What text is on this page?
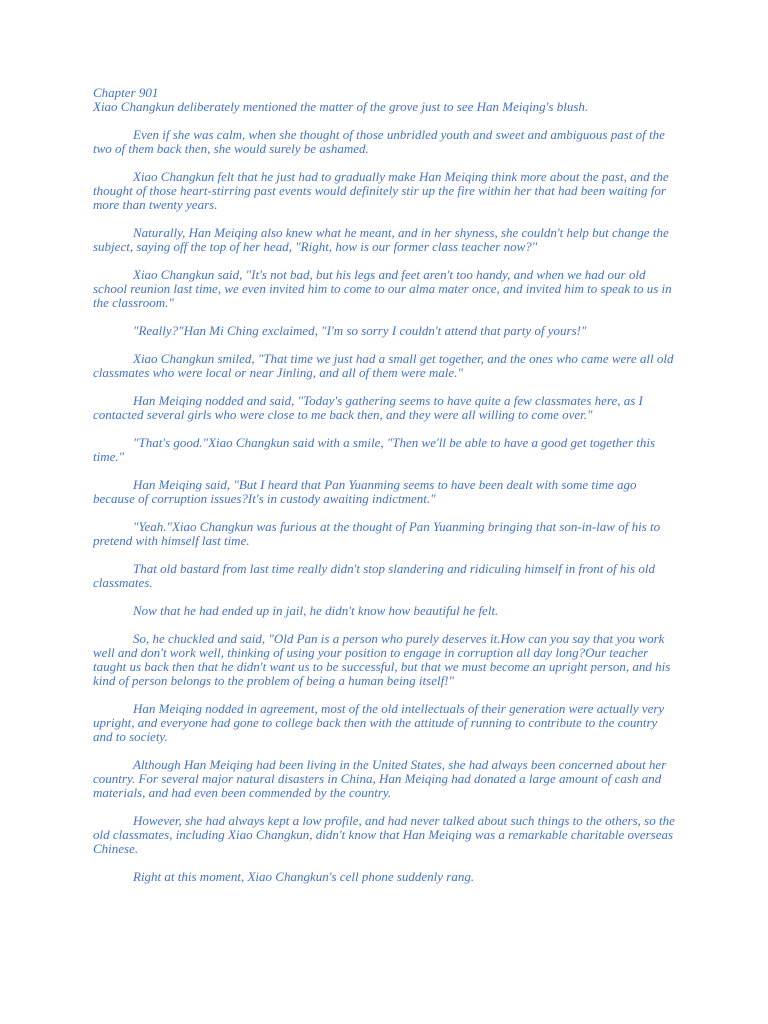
Chapter 901

Xiao Changkun deliberately mentioned the matter of the grove just to see Han Meiqing's blush.

Even if she was calm, when she thought of those unbridled youth and sweet and ambiguous past of the two of them back then, she would surely be ashamed.

Xiao Changkun felt that he just had to gradually make Han Meiqing think more about the past, and the thought of those heart-stirring past events would definitely stir up the fire within her that had been waiting for more than twenty years.

Naturally, Han Meiqing also knew what he meant, and in her shyness, she couldn't help but change the subject, saying off the top of her head, "Right, how is our former class teacher now?"

Xiao Changkun said, "It's not bad, but his legs and feet aren't too handy, and when we had our old school reunion last time, we even invited him to come to our alma mater once, and invited him to speak to us in the classroom."

"Really?"Han Mi Ching exclaimed, "I'm so sorry I couldn't attend that party of yours!"

Xiao Changkun smiled, "That time we just had a small get together, and the ones who came were all old classmates who were local or near Jinling, and all of them were male."

Han Meiqing nodded and said, "Today's gathering seems to have quite a few classmates here, as I contacted several girls who were close to me back then, and they were all willing to come over."

"That's good."Xiao Changkun said with a smile, "Then we'll be able to have a good get together this time."

Han Meiqing said, "But I heard that Pan Yuanming seems to have been dealt with some time ago because of corruption issues?It's in custody awaiting indictment."

"Yeah."Xiao Changkun was furious at the thought of Pan Yuanming bringing that son-in-law of his to pretend with himself last time.

That old bastard from last time really didn't stop slandering and ridiculing himself in front of his old classmates.

Now that he had ended up in jail, he didn't know how beautiful he felt.

So, he chuckled and said, "Old Pan is a person who purely deserves it.How can you say that you work well and don't work well, thinking of using your position to engage in corruption all day long?Our teacher taught us back then that he didn't want us to be successful, but that we must become an upright person, and his kind of person belongs to the problem of being a human being itself!"

Han Meiqing nodded in agreement, most of the old intellectuals of their generation were actually very upright, and everyone had gone to college back then with the attitude of running to contribute to the country and to society.

Although Han Meiqing had been living in the United States, she had always been concerned about her country. For several major natural disasters in China, Han Meiqing had donated a large amount of cash and materials, and had even been commended by the country.

However, she had always kept a low profile, and had never talked about such things to the others, so the old classmates, including Xiao Changkun, didn't know that Han Meiqing was a remarkable charitable overseas Chinese.

Right at this moment, Xiao Changkun's cell phone suddenly rang.
